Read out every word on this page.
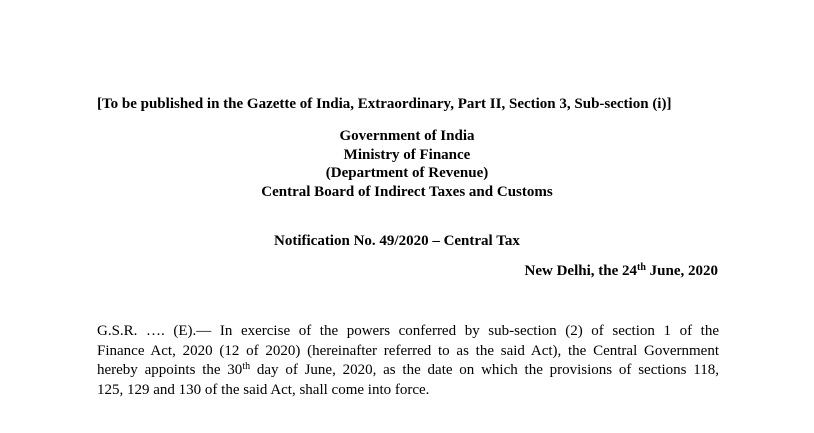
[To be published in the Gazette of India, Extraordinary, Part II, Section 3, Sub-section (i)]
Government of India
Ministry of Finance
(Department of Revenue)
Central Board of Indirect Taxes and Customs
Notification No. 49/2020 – Central Tax
New Delhi, the 24th June, 2020
G.S.R. …. (E).— In exercise of the powers conferred by sub-section (2) of section 1 of the
Finance Act, 2020 (12 of 2020) (hereinafter referred to as the said Act), the Central Government
hereby appoints the 30th day of June, 2020, as the date on which the provisions of sections 118,
125, 129 and 130 of the said Act, shall come into force.
